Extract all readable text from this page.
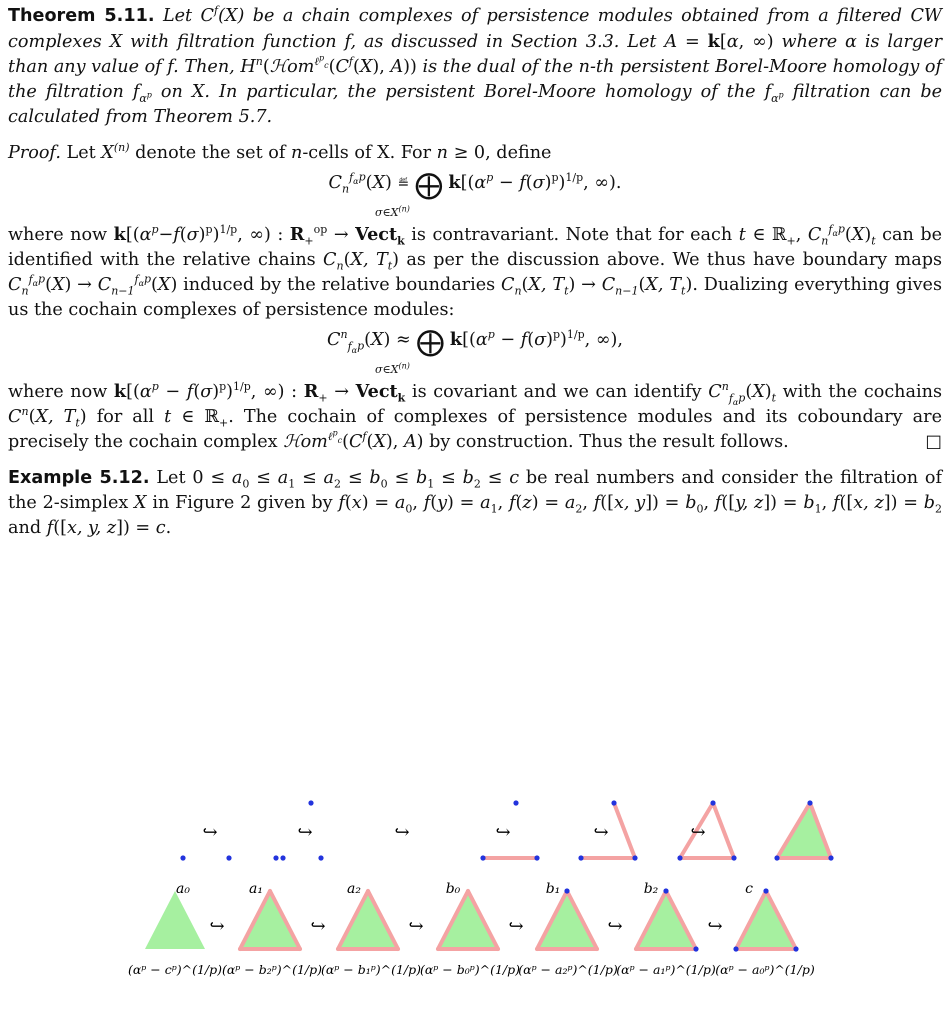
Theorem 5.11. Let $C^f(X)$ be a chain complexes of persistence modules obtained from a filtered CW complexes X with filtration function f, as discussed in Section 3.3. Let A = k[α, ∞) where α is larger than any value of f. Then, $H^n(ℋom^{\ell^p_c}(C^f(X)$, A)) is the dual of the n-th persistent Borel-Moore homology of the filtration $f_{\alpha^p}$ on X. In particular, the persistent Borel-Moore homology of the $f_{\alpha^p}$ filtration can be calculated from Theorem 5.7.

Proof. Let $X^{(n)}$ denote the set of n-cells of X. For n ≥ 0, define

$C_n^{f_{\alpha^p}}(X)$ ≝ ⨁ $k[(\alpha^p - f(\sigma)^p)^{1/p}$, ∞).
$\sigma\in X^{(n)}$

where now $k[(\alpha^p-f(\sigma)^p)^{1/p}$, ∞) : $R_+^{op}$ → Vect$_k$ is contravariant. Note that for each t ∈ ℝ$_+$, $C_n^{f_{\alpha^p}}(X)_t$ can be identified with the relative chains $C_n(X$, $T_t$) as per the discussion above. We thus have boundary maps $C_n^{f_{\alpha^p}}(X) \to C_{n-1}^{f_{\alpha^p}}(X)$ induced by the relative boundaries $C_n(X$, $T_t) \to C_{n-1}(X$, $T_t$). Dualizing everything gives us the cochain complexes of persistence modules:

$C^n_{f_{\alpha^p}}(X)$ ≈ ⨁ $k[(\alpha^p - f(\sigma)^p)^{1/p}$, ∞),
$\sigma\in X^{(n)}$

where now $k[(\alpha^p - f(\sigma)^p)^{1/p}$, ∞) : $R_+$ → Vect$_k$ is covariant and we can identify $C^n_{f_{\alpha^p}}(X)_t$ with the cochains $C^n(X$, $T_t$) for all t ∈ ℝ$_+$. The cochain of complexes of persistence modules and its coboundary are precisely the cochain complex $ℋom^{\ell^p_c}(C^f(X)$, A) by construction. Thus the result follows.	□

Example 5.12. Let $0 \le a_0 \le a_1 \le a_2 \le b_0 \le b_1 \le b_2 \le c$ be real numbers and consider the filtration of the 2-simplex X in Figure 2 given by $f(x) = a_0$, $f(y) = a_1$, $f(z) = a_2$, f([x, $y]) = b_0$, f([y, $z]) = b_1$, f([x, $z]) = b_2$ and f([x, y, z]) = c.

↪	↪	↪	↪	↪	↪
a₀	a₁	a₂	b₀	b₁	b₂	c
↪	↪	↪	↪	↪	↪
(αᵖ − cᵖ)^(1/p) (αᵖ − b₂ᵖ)^(1/p)
(αᵖ − b₁ᵖ)^(1/p)
(αᵖ − b₀ᵖ)^(1/p)
(αᵖ − a₂ᵖ)^(1/p)
(αᵖ − a₁ᵖ)^(1/p) (αᵖ − a₀ᵖ)^(1/p)
